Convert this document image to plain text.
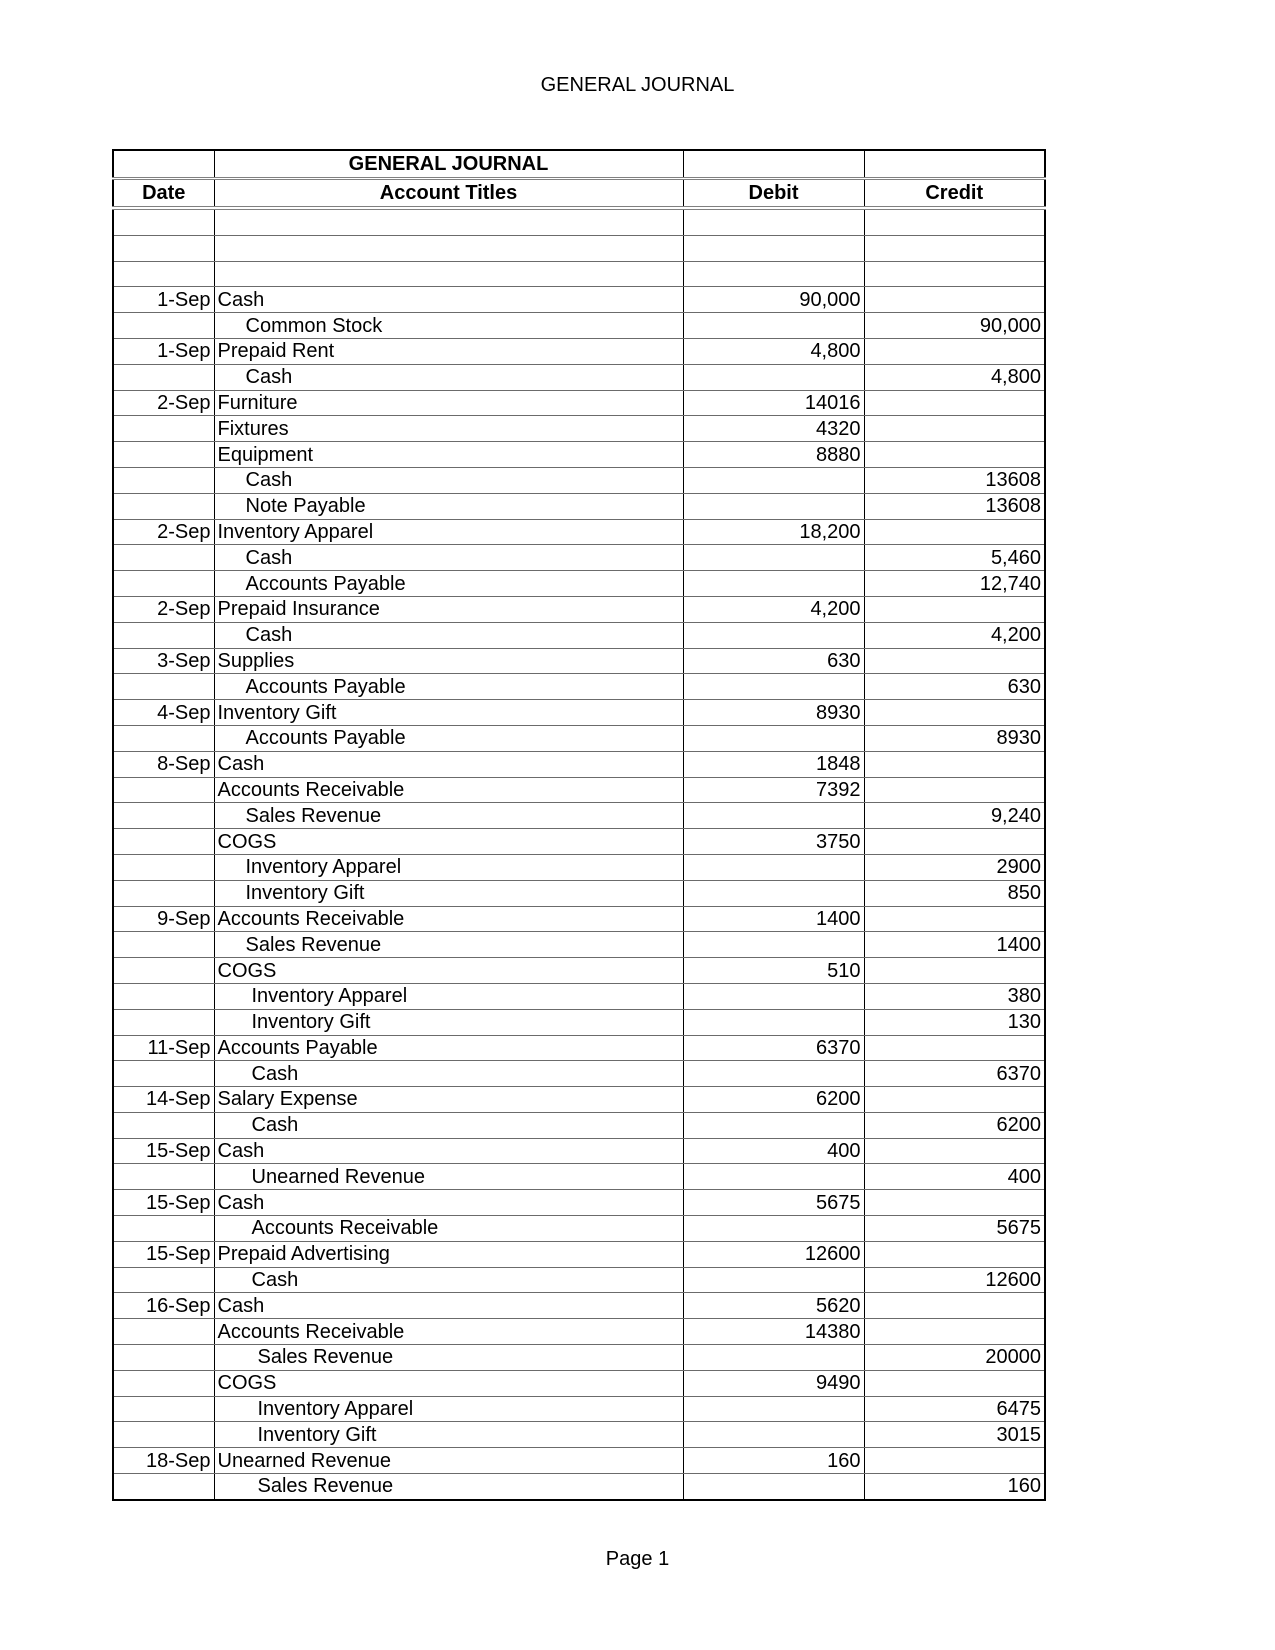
GENERAL JOURNAL
	GENERAL JOURNAL		
Date	Account Titles	Debit	Credit

1-Sep	Cash	90,000	
	Common Stock		90,000
1-Sep	Prepaid Rent	4,800	
	Cash		4,800
2-Sep	Furniture	14016	
	Fixtures	4320	
	Equipment	8880	
	Cash		13608
	Note Payable		13608
2-Sep	Inventory Apparel	18,200	
	Cash		5,460
	Accounts Payable		12,740
2-Sep	Prepaid Insurance	4,200	
	Cash		4,200
3-Sep	Supplies	630	
	Accounts Payable		630
4-Sep	Inventory Gift	8930	
	Accounts Payable		8930
8-Sep	Cash	1848	
	Accounts Receivable	7392	
	Sales Revenue		9,240
	COGS	3750	
	Inventory Apparel		2900
	Inventory Gift		850
9-Sep	Accounts Receivable	1400	
	Sales Revenue		1400
	COGS	510	
	Inventory Apparel		380
	Inventory Gift		130
11-Sep	Accounts Payable	6370	
	Cash		6370
14-Sep	Salary Expense	6200	
	Cash		6200
15-Sep	Cash	400	
	Unearned Revenue		400
15-Sep	Cash	5675	
	Accounts Receivable		5675
15-Sep	Prepaid Advertising	12600	
	Cash		12600
16-Sep	Cash	5620	
	Accounts Receivable	14380	
	Sales Revenue		20000
	COGS	9490	
	Inventory Apparel		6475
	Inventory Gift		3015
18-Sep	Unearned Revenue	160	
	Sales Revenue		160
Page 1
